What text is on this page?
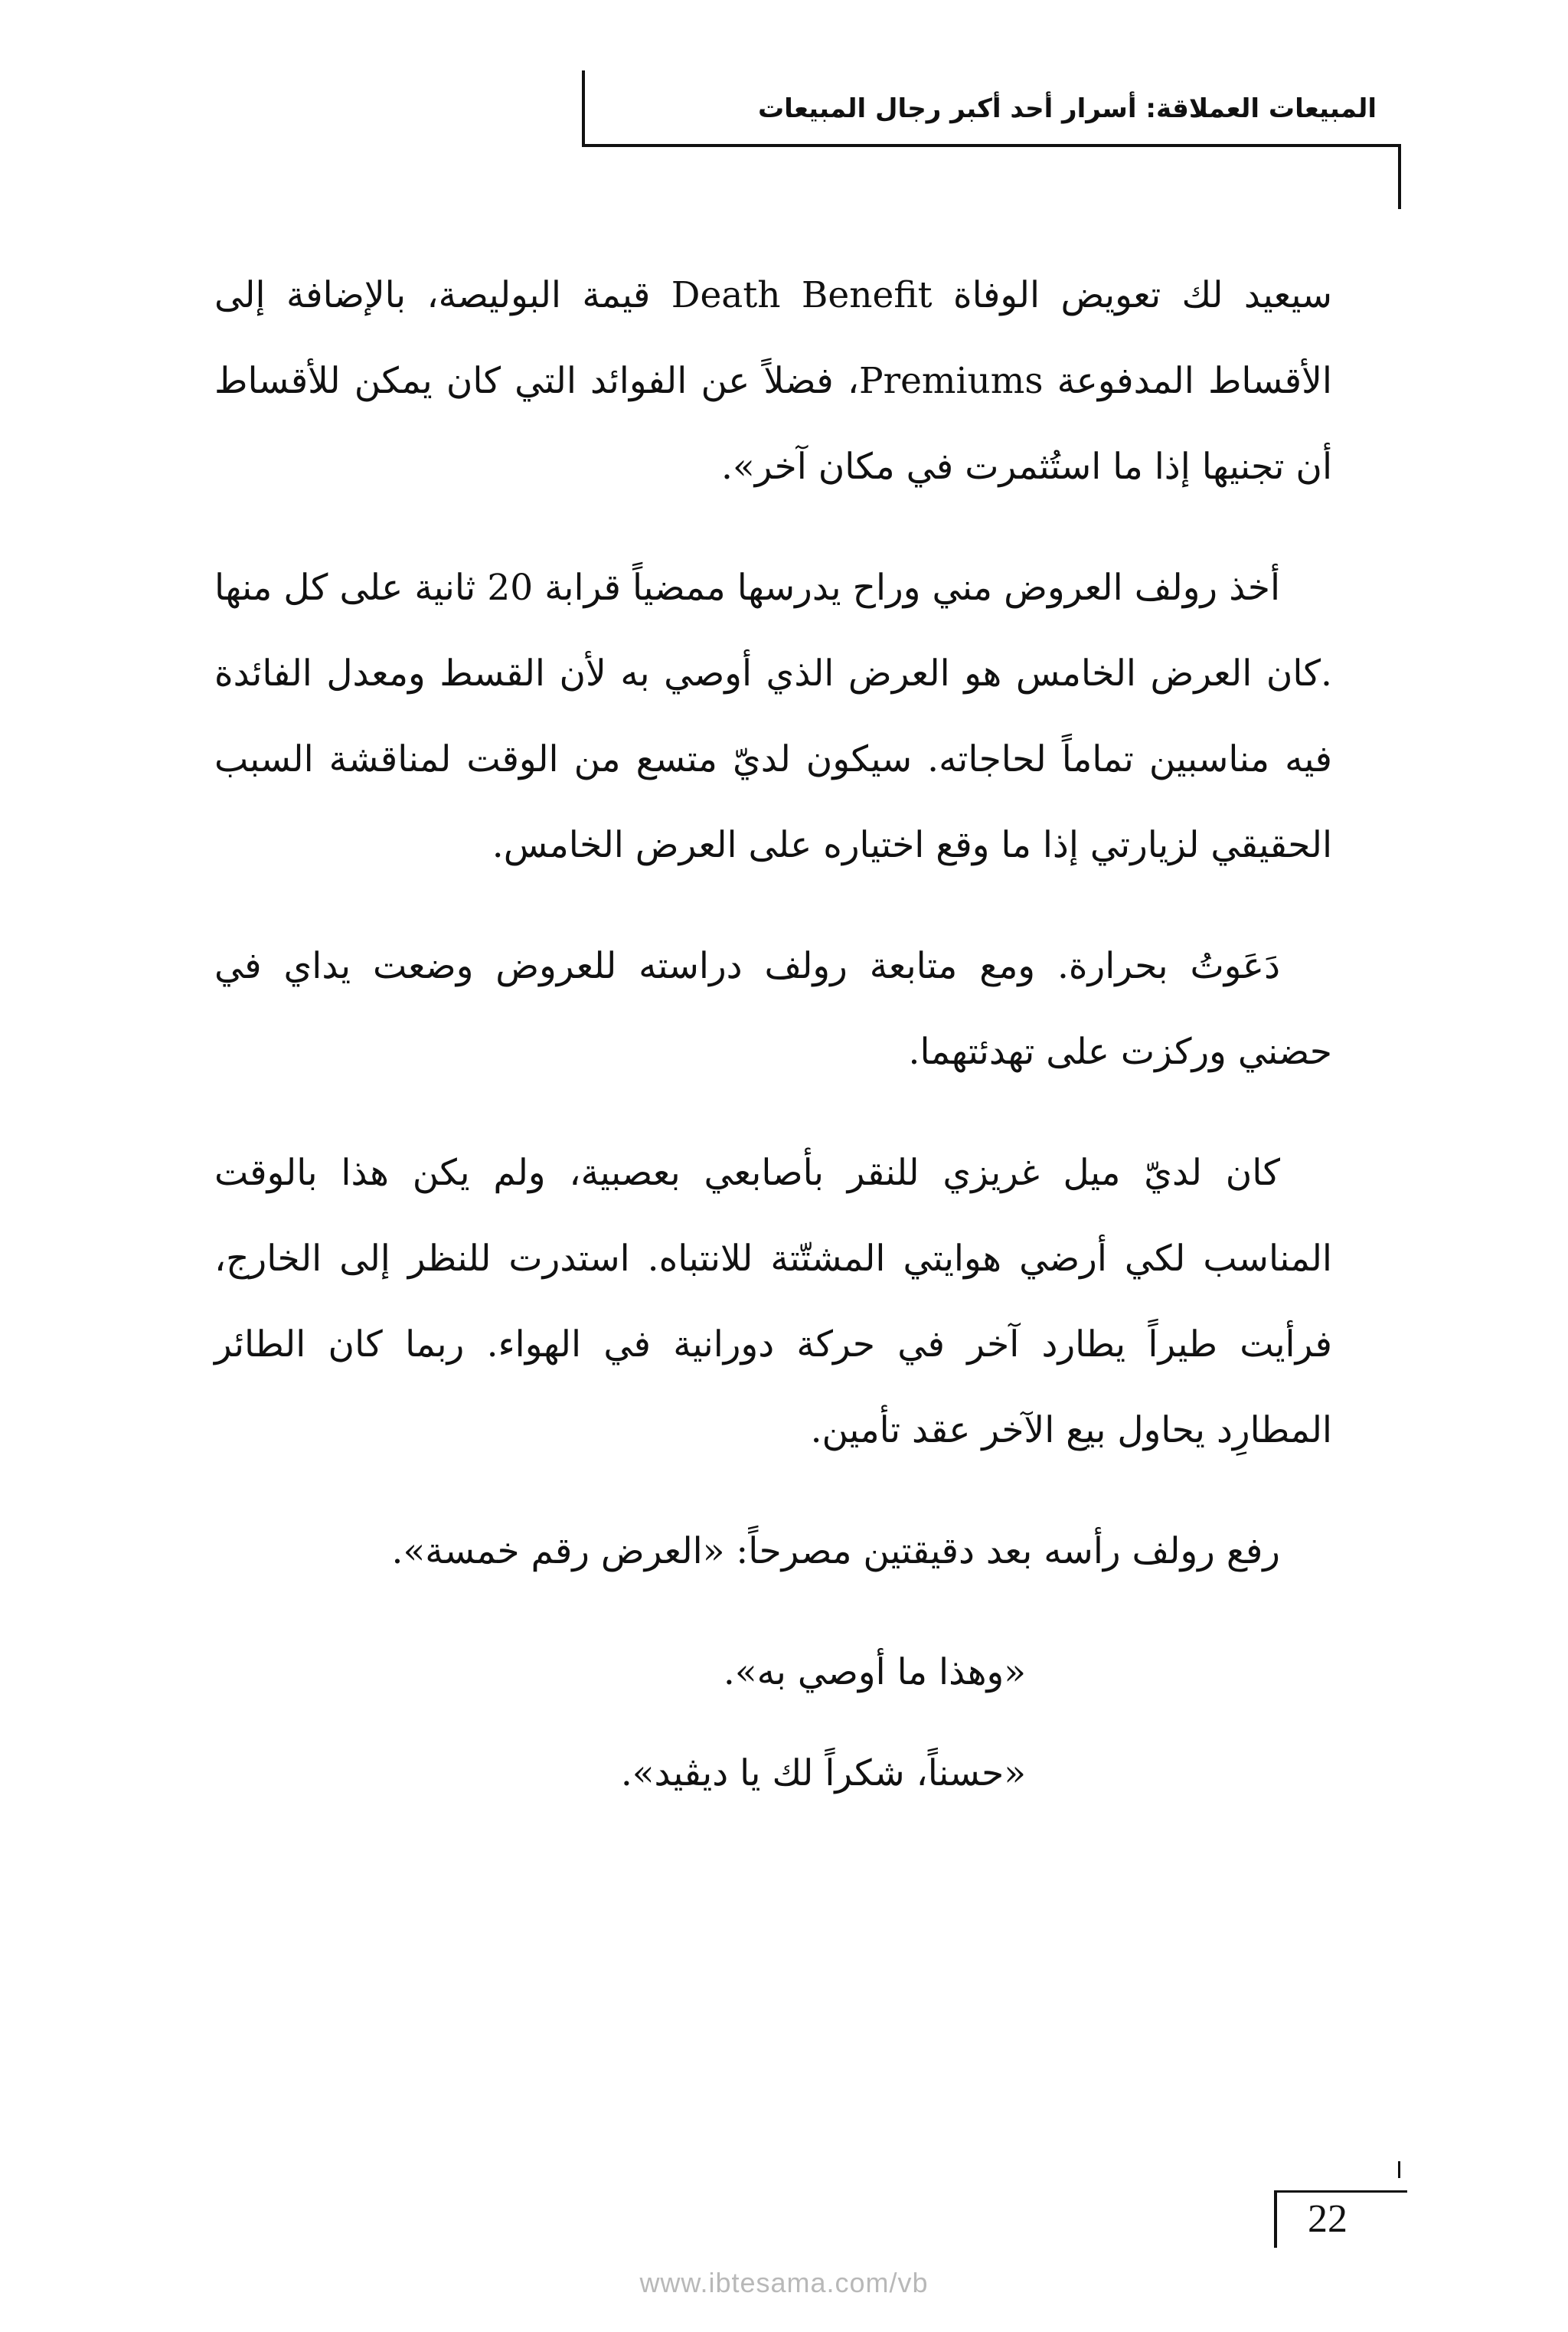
المبيعات العملاقة: أسرار أحد أكبر رجال المبيعات

سيعيد لك تعويض الوفاة Death Benefit قيمة البوليصة، بالإضافة إلى الأقساط المدفوعة Premiums، فضلاً عن الفوائد التي كان يمكن للأقساط أن تجنيها إذا ما استُثمرت في مكان آخر».

أخذ رولف العروض مني وراح يدرسها ممضياً قرابة 20 ثانية على كل منها .كان العرض الخامس هو العرض الذي أوصي به لأن القسط ومعدل الفائدة فيه مناسبين تماماً لحاجاته. سيكون لديّ متسع من الوقت لمناقشة السبب الحقيقي لزيارتي إذا ما وقع اختياره على العرض الخامس.

دَعَوتُ بحرارة. ومع متابعة رولف دراسته للعروض وضعت يداي في حضني وركزت على تهدئتهما.

كان لديّ ميل غريزي للنقر بأصابعي بعصبية، ولم يكن هذا بالوقت المناسب لكي أرضي هوايتي المشتّتة للانتباه. استدرت للنظر إلى الخارج، فرأيت طيراً يطارد آخر في حركة دورانية في الهواء. ربما كان الطائر المطارِد يحاول بيع الآخر عقد تأمين.

رفع رولف رأسه بعد دقيقتين مصرحاً: «العرض رقم خمسة».

«وهذا ما أوصي به».

«حسناً، شكراً لك يا ديڤيد».

22
www.ibtesama.com/vb
